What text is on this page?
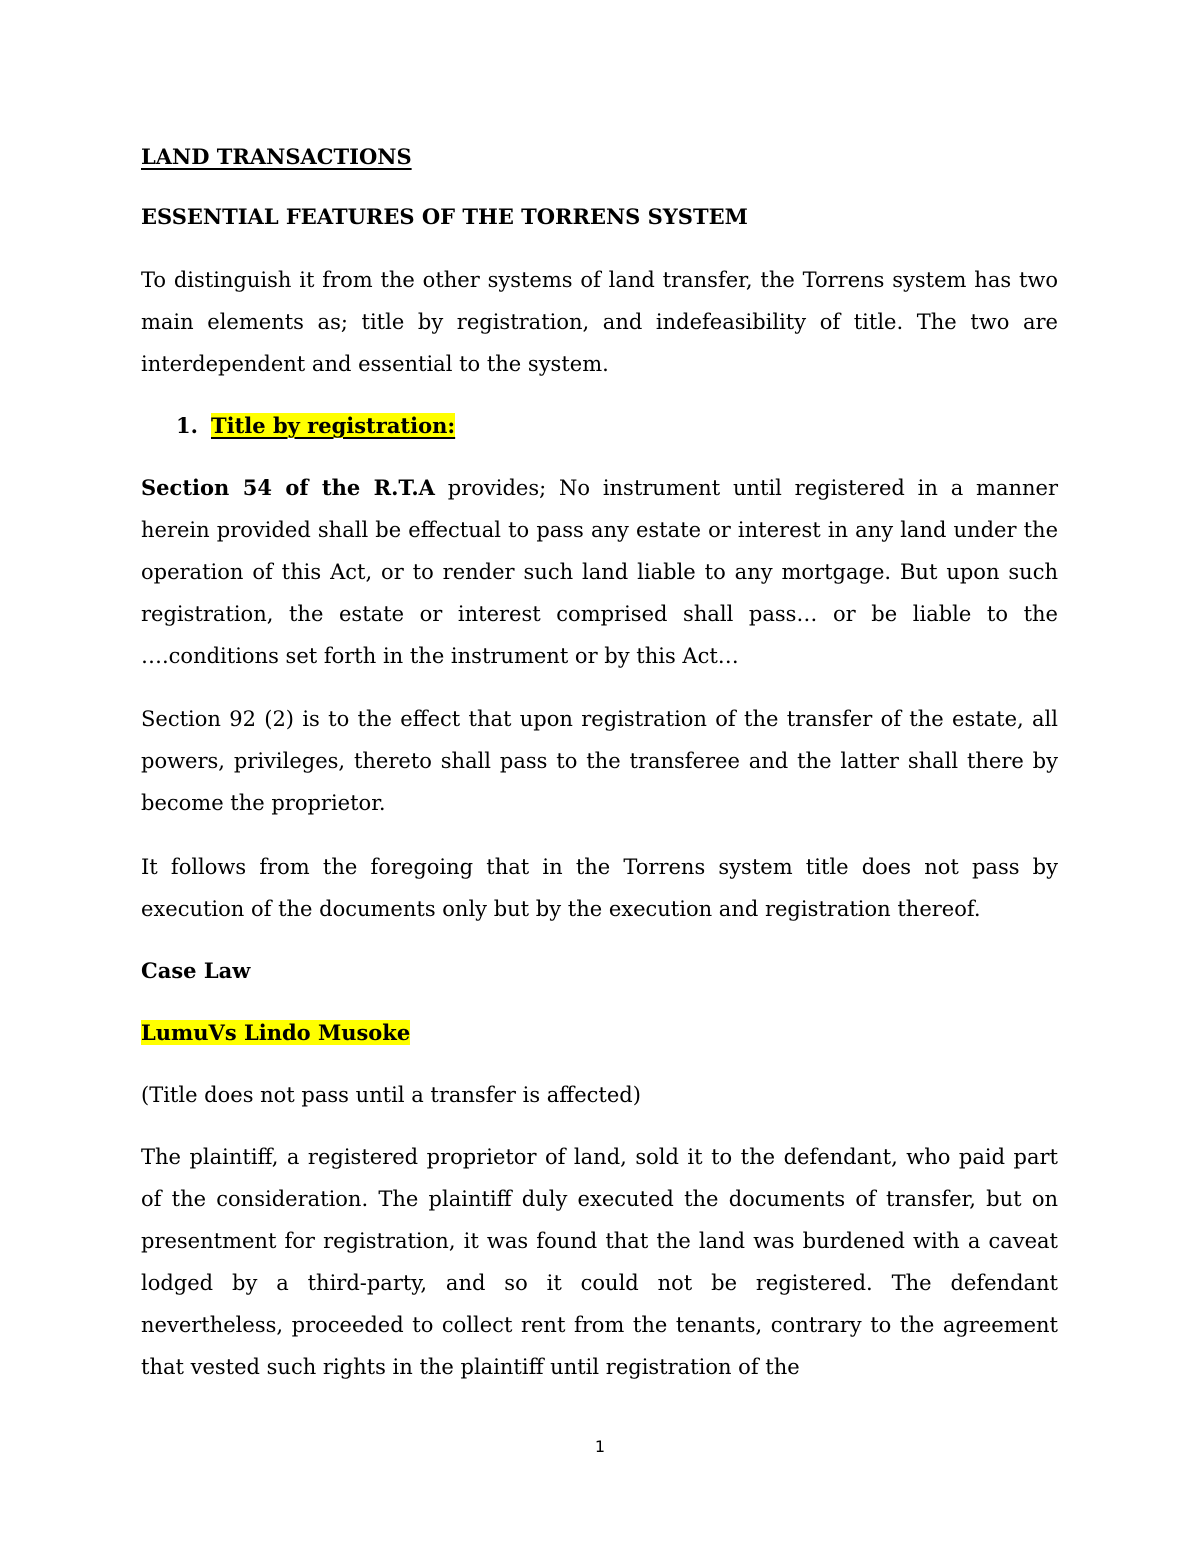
LAND TRANSACTIONS

ESSENTIAL FEATURES OF THE TORRENS SYSTEM

To distinguish it from the other systems of land transfer, the Torrens system has two main elements as; title by registration, and indefeasibility of title. The two are interdependent and essential to the system.

1. Title by registration:

Section 54 of the R.T.A provides; No instrument until registered in a manner herein provided shall be effectual to pass any estate or interest in any land under the operation of this Act, or to render such land liable to any mortgage. But upon such registration, the estate or interest comprised shall pass… or be liable to the ….conditions set forth in the instrument or by this Act…

Section 92 (2) is to the effect that upon registration of the transfer of the estate, all powers, privileges, thereto shall pass to the transferee and the latter shall there by become the proprietor.

It follows from the foregoing that in the Torrens system title does not pass by execution of the documents only but by the execution and registration thereof.

Case Law

LumuVs Lindo Musoke

(Title does not pass until a transfer is affected)

The plaintiff, a registered proprietor of land, sold it to the defendant, who paid part of the consideration. The plaintiff duly executed the documents of transfer, but on presentment for registration, it was found that the land was burdened with a caveat lodged by a third-party, and so it could not be registered. The defendant nevertheless, proceeded to collect rent from the tenants, contrary to the agreement that vested such rights in the plaintiff until registration of the

1
